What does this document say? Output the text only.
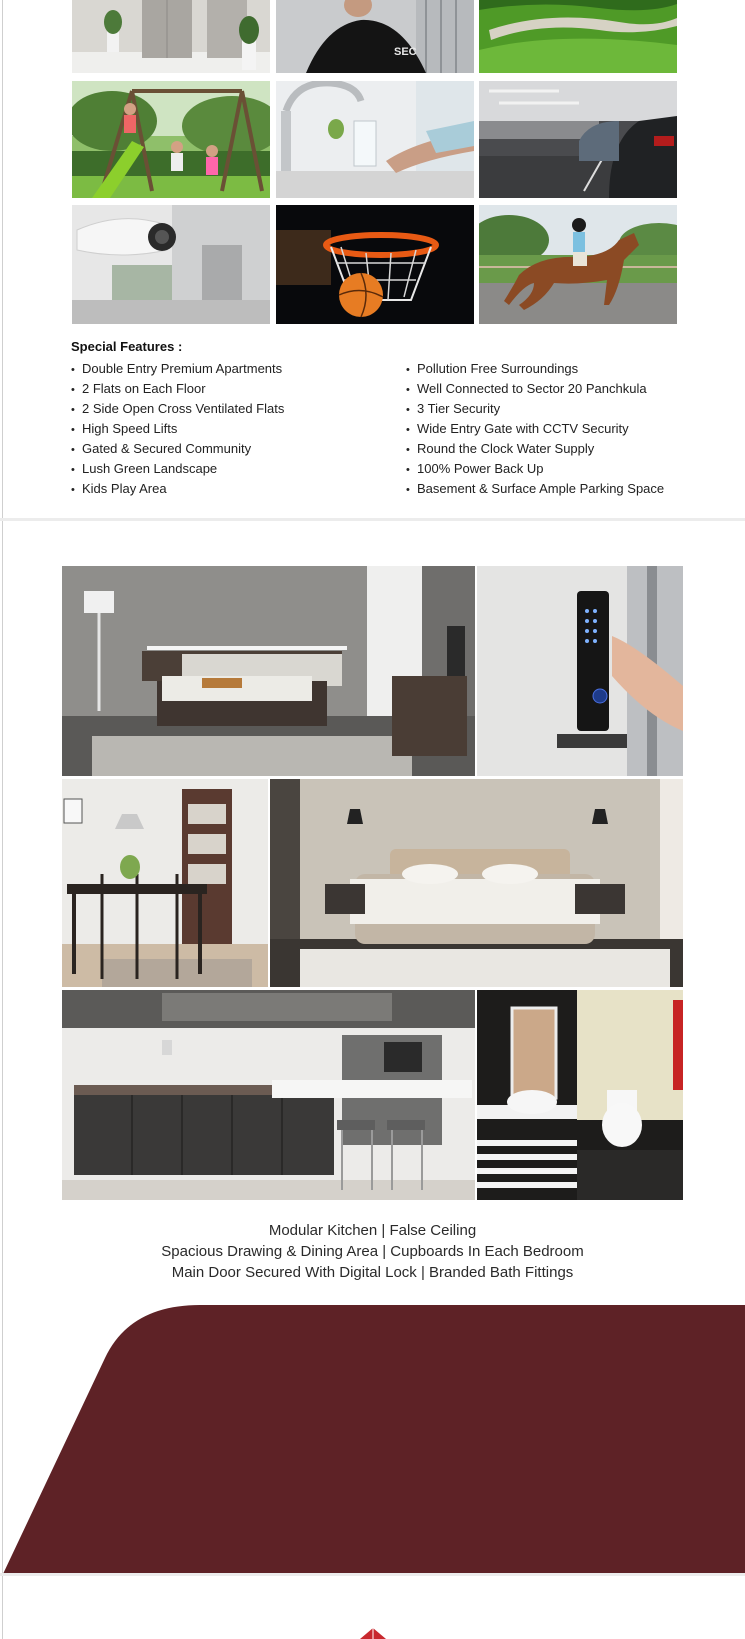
SEC
Special Features :
• Double Entry Premium Apartments
• 2 Flats on Each Floor
• 2 Side Open Cross Ventilated Flats
• High Speed Lifts
• Gated & Secured Community
• Lush Green Landscape
• Kids Play Area
• Pollution Free Surroundings
• Well Connected to Sector 20 Panchkula
• 3 Tier Security
• Wide Entry Gate with CCTV Security
• Round the Clock Water Supply
• 100% Power Back Up
• Basement & Surface Ample Parking Space
Modular Kitchen | False Ceiling
Spacious Drawing & Dining Area | Cupboards In Each Bedroom
Main Door Secured With Digital Lock | Branded Bath Fittings
